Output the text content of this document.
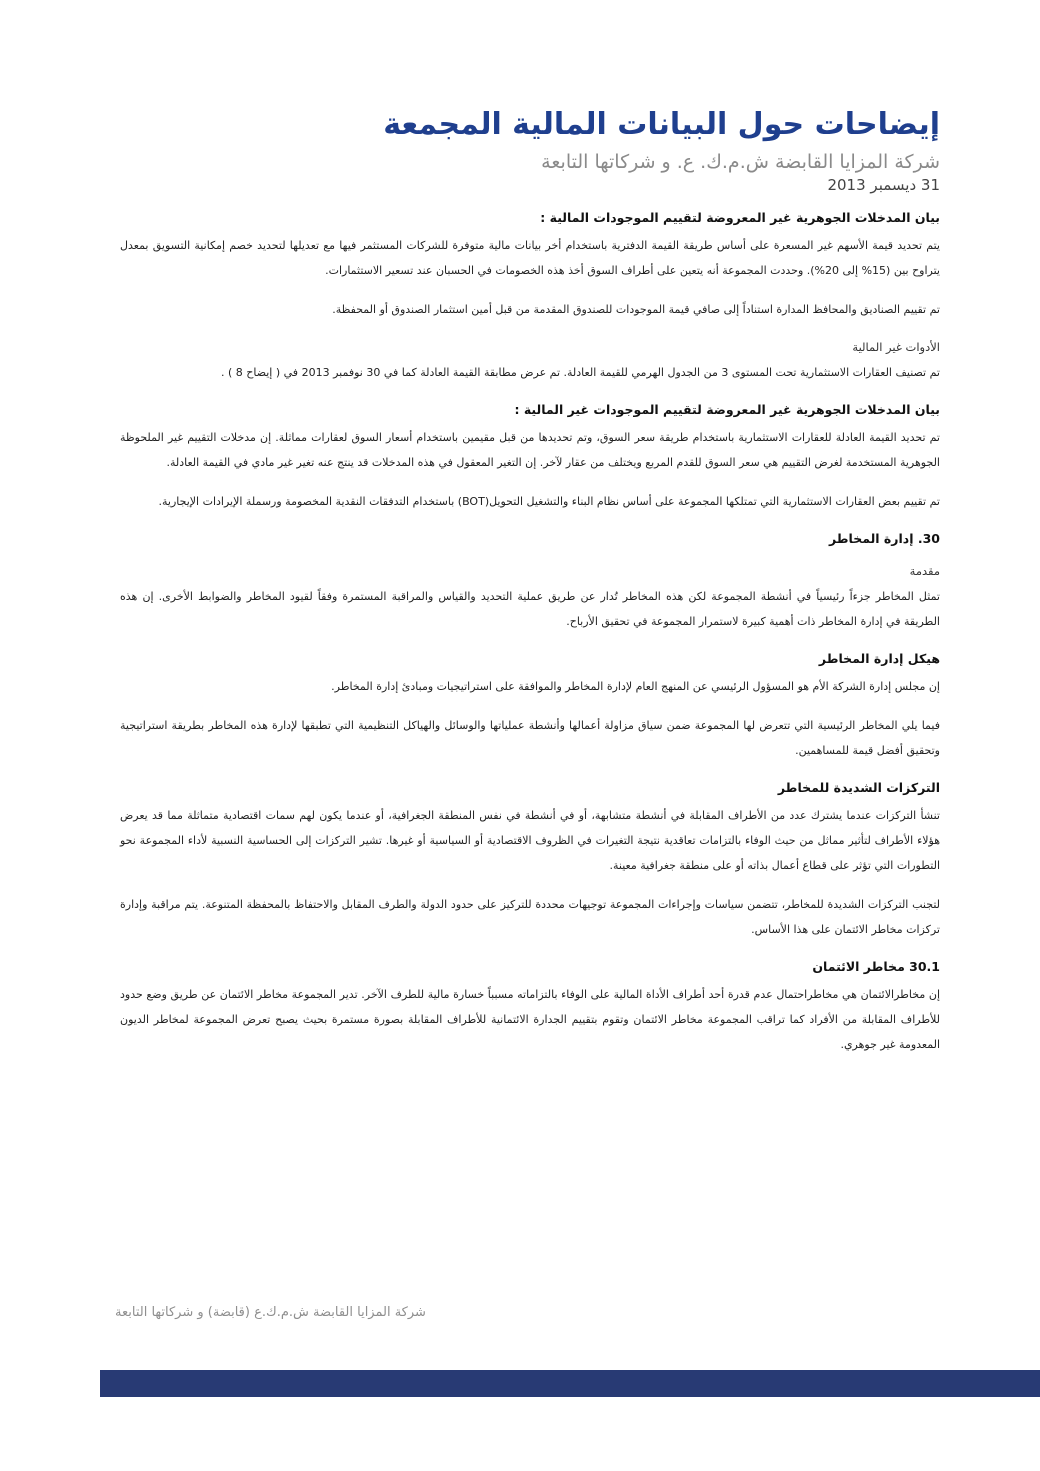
إيضاحات حول البيانات المالية المجمعة
شركة المزايا القابضة ش.م.ك. ع. و شركاتها التابعة
31 ديسمبر 2013
بيان المدخلات الجوهرية غير المعروضة لتقييم الموجودات المالية :

يتم تحديد قيمة الأسهم غير المسعرة على أساس طريقة القيمة الدفترية باستخدام أخر بيانات مالية متوفرة للشركات المستثمر فيها مع تعديلها لتحديد خصم إمكانية التسويق بمعدل يتراوح بين (15% إلى 20%). وحددت المجموعة أنه يتعين على أطراف السوق أخذ هذه الخصومات في الحسبان عند تسعير الاستثمارات.

تم تقييم الصناديق والمحافظ المدارة استناداً إلى صافي قيمة الموجودات للصندوق المقدمة من قبل أمين استثمار الصندوق أو المحفظة.

الأدوات غير المالية

تم تصنيف العقارات الاستثمارية تحت المستوى 3 من الجدول الهرمي للقيمة العادلة. تم عرض مطابقة القيمة العادلة كما في 30 نوفمبر 2013 في ( إيضاح 8 ) .

بيان المدخلات الجوهرية غير المعروضة لتقييم الموجودات غير المالية :

تم تحديد القيمة العادلة للعقارات الاستثمارية باستخدام طريقة سعر السوق، وتم تحديدها من قبل مقيمين باستخدام أسعار السوق لعقارات مماثلة. إن مدخلات التقييم غير الملحوظة الجوهرية المستخدمة لغرض التقييم هي سعر السوق للقدم المربع ويختلف من عقار لآخر. إن التغير المعقول في هذه المدخلات قد ينتج عنه تغير غير مادي في القيمة العادلة.

تم تقييم بعض العقارات الاستثمارية التي تمتلكها المجموعة على أساس نظام البناء والتشغيل التحويل(BOT) باستخدام التدفقات النقدية المخصومة ورسملة الإيرادات الإيجارية.

30. إدارة المخاطر
مقدمة

تمثل المخاطر جزءاً رئيسياً في أنشطة المجموعة لكن هذه المخاطر تُدار عن طريق عملية التحديد والقياس والمراقبة المستمرة وفقاً لقيود المخاطر والضوابط الأخرى. إن هذه الطريقة في إدارة المخاطر ذات أهمية كبيرة لاستمرار المجموعة في تحقيق الأرباح.

هيكل إدارة المخاطر

إن مجلس إدارة الشركة الأم هو المسؤول الرئيسي عن المنهج العام لإدارة المخاطر والموافقة على استراتيجيات ومبادئ إدارة المخاطر.

فيما يلي المخاطر الرئيسية التي تتعرض لها المجموعة ضمن سياق مزاولة أعمالها وأنشطة عملياتها والوسائل والهياكل التنظيمية التي تطبقها لإدارة هذه المخاطر بطريقة استراتيجية وتحقيق أفضل قيمة للمساهمين.

التركزات الشديدة للمخاطر

تنشأ التركزات عندما يشترك عدد من الأطراف المقابلة في أنشطة متشابهة، أو في أنشطة في نفس المنطقة الجغرافية، أو عندما يكون لهم سمات اقتصادية متماثلة مما قد يعرض هؤلاء الأطراف لتأثير مماثل من حيث الوفاء بالتزامات تعاقدية نتيجة التغيرات في الظروف الاقتصادية أو السياسية أو غيرها. تشير التركزات إلى الحساسية النسبية لأداء المجموعة نحو التطورات التي تؤثر على قطاع أعمال بذاته أو على منطقة جغرافية معينة.

لتجنب التركزات الشديدة للمخاطر، تتضمن سياسات وإجراءات المجموعة توجيهات محددة للتركيز على حدود الدولة والطرف المقابل والاحتفاظ بالمحفظة المتنوعة. يتم مراقبة وإدارة تركزات مخاطر الائتمان على هذا الأساس.

30.1 مخاطر الائتمان

إن مخاطرالائتمان هي مخاطراحتمال عدم قدرة أحد أطراف الأداة المالية على الوفاء بالتزاماته مسبباً خسارة مالية للطرف الآخر. تدير المجموعة مخاطر الائتمان عن طريق وضع حدود للأطراف المقابلة من الأفراد كما تراقب المجموعة مخاطر الائتمان وتقوم بتقييم الجدارة الائتمانية للأطراف المقابلة بصورة مستمرة بحيث يصبح تعرض المجموعة لمخاطر الديون المعدومة غير جوهري.

شركة المزايا القابضة ش.م.ك.ع (قابضة) و شركاتها التابعة
